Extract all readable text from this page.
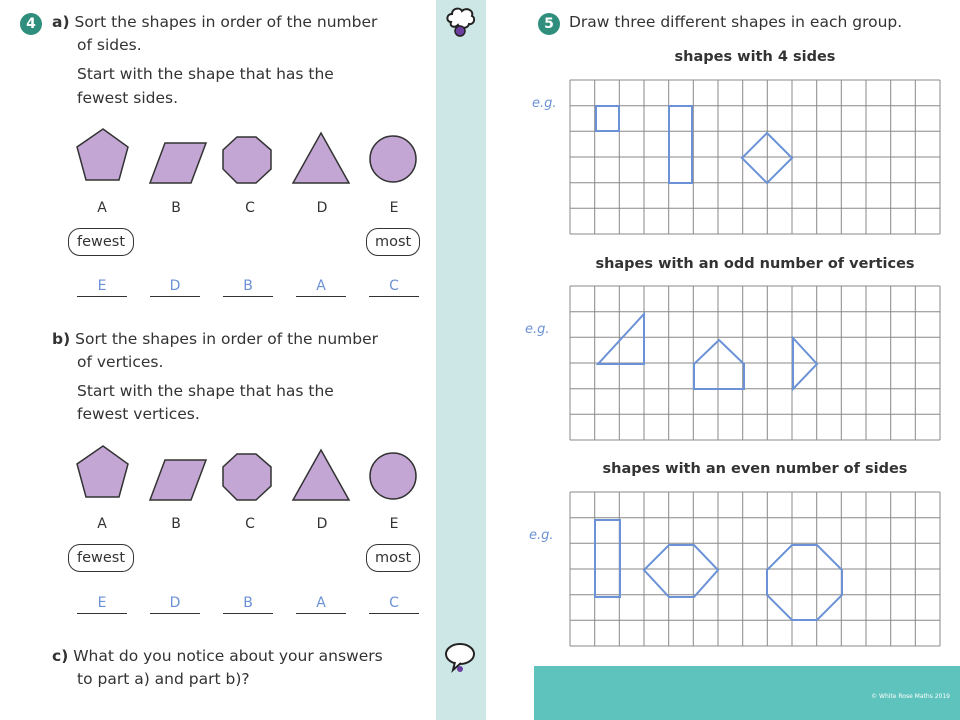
© White Rose Maths 2019
4	a) Sort the shapes in order of the number
of sides.
Start with the shape that has the
fewest sides.
A	B	C	D	E
fewest	most
E	D	B	A	C
b) Sort the shapes in order of the number
of vertices.
Start with the shape that has the
fewest vertices.
A	B	C	D	E
fewest	most
E	D	B	A	C
c) What do you notice about your answers
to part a) and part b)?
5 Draw three different shapes in each group.
shapes with 4 sides
shapes with an odd number of vertices
shapes with an even number of sides
e.g.
e.g.
e.g.
